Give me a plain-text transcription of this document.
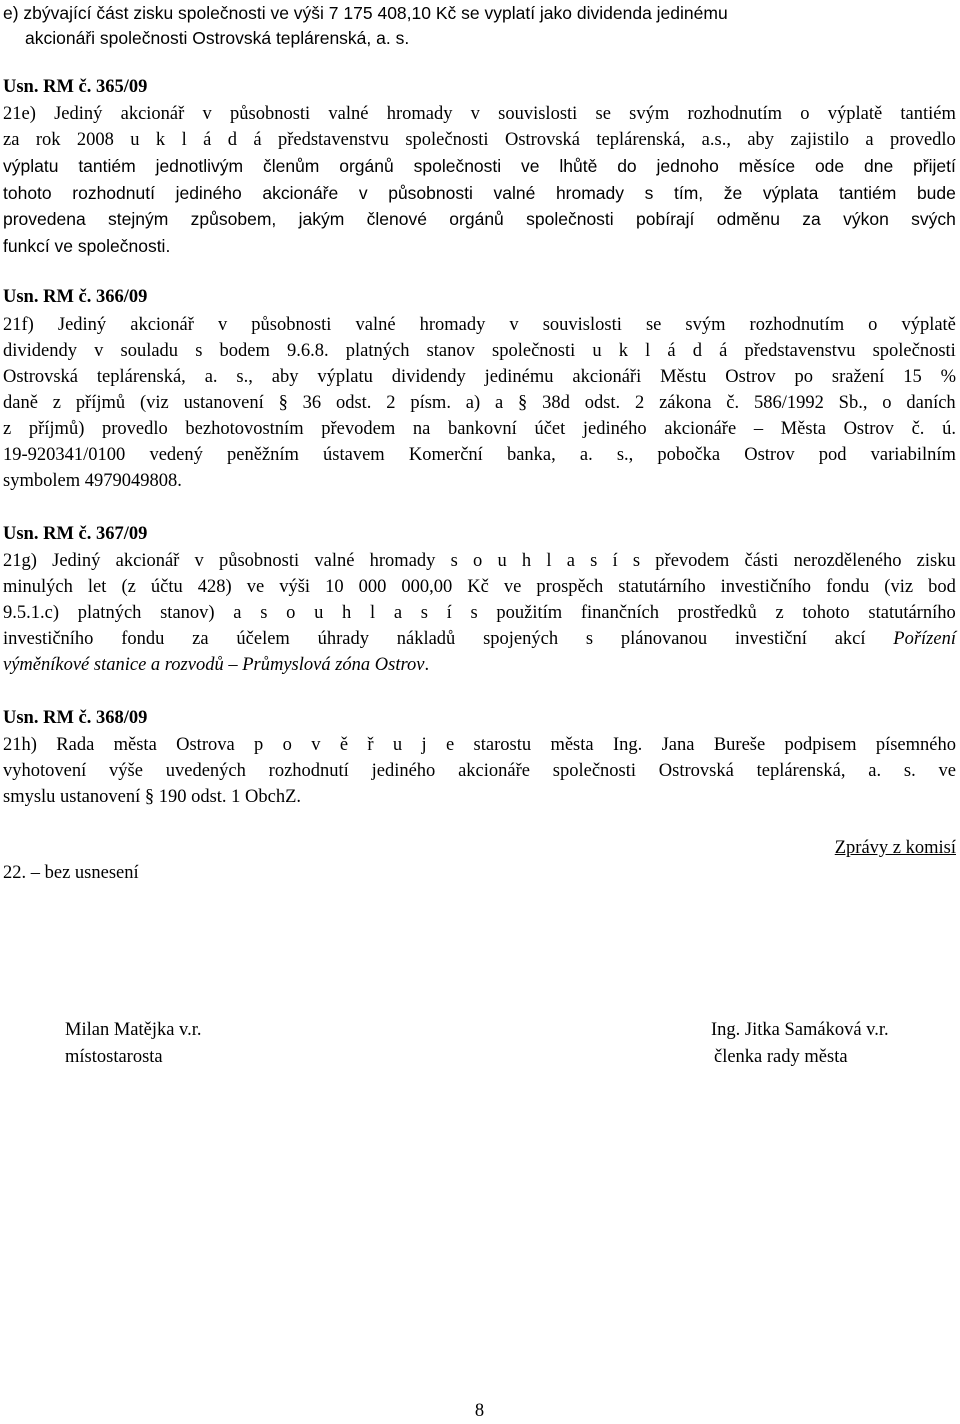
e) zbývající část zisku společnosti ve výši 7 175 408,10 Kč se vyplatí jako dividenda jedinému
akcionáři společnosti Ostrovská teplárenská, a. s.
Usn. RM č. 365/09
21e) Jediný akcionář v působnosti valné hromady v souvislosti se svým rozhodnutím o výplatě tantiém
za rok 2008 u k l á d á představenstvu společnosti Ostrovská teplárenská, a.s., aby zajistilo a provedlo
výplatu tantiém jednotlivým členům orgánů společnosti ve lhůtě do jednoho měsíce ode dne přijetí
tohoto rozhodnutí jediného akcionáře v působnosti valné hromady s tím, že výplata tantiém bude
provedena stejným způsobem, jakým členové orgánů společnosti pobírají odměnu za výkon svých
funkcí ve společnosti.
Usn. RM č. 366/09
21f) Jediný akcionář v působnosti valné hromady v souvislosti se svým rozhodnutím o výplatě
dividendy v souladu s bodem 9.6.8. platných stanov společnosti u k l á d á představenstvu společnosti
Ostrovská teplárenská, a. s., aby výplatu dividendy jedinému akcionáři Městu Ostrov po sražení 15 %
daně z příjmů (viz ustanovení § 36 odst. 2 písm. a) a § 38d odst. 2 zákona č. 586/1992 Sb., o daních
z příjmů) provedlo bezhotovostním převodem na bankovní účet jediného akcionáře – Města Ostrov č. ú.
19-920341/0100 vedený peněžním ústavem Komerční banka, a. s., pobočka Ostrov pod variabilním
symbolem 4979049808.
Usn. RM č. 367/09
21g) Jediný akcionář v působnosti valné hromady s o u h l a s í s převodem části nerozděleného zisku
minulých let (z účtu 428) ve výši 10 000 000,00 Kč ve prospěch statutárního investičního fondu (viz bod
9.5.1.c) platných stanov) a s o u h l a s í s použitím finančních prostředků z tohoto statutárního
investičního fondu za účelem úhrady nákladů spojených s plánovanou investiční akcí Pořízení
výměníkové stanice a rozvodů – Průmyslová zóna Ostrov.
Usn. RM č. 368/09
21h) Rada města Ostrova p o v ě ř u j e starostu města Ing. Jana Bureše podpisem písemného
vyhotovení výše uvedených rozhodnutí jediného akcionáře společnosti Ostrovská teplárenská, a. s. ve
smyslu ustanovení § 190 odst. 1 ObchZ.
Zprávy z komisí
22. – bez usnesení
Milan Matějka v.r.
místostarosta
Ing. Jitka Samáková v.r.
členka rady města
8
